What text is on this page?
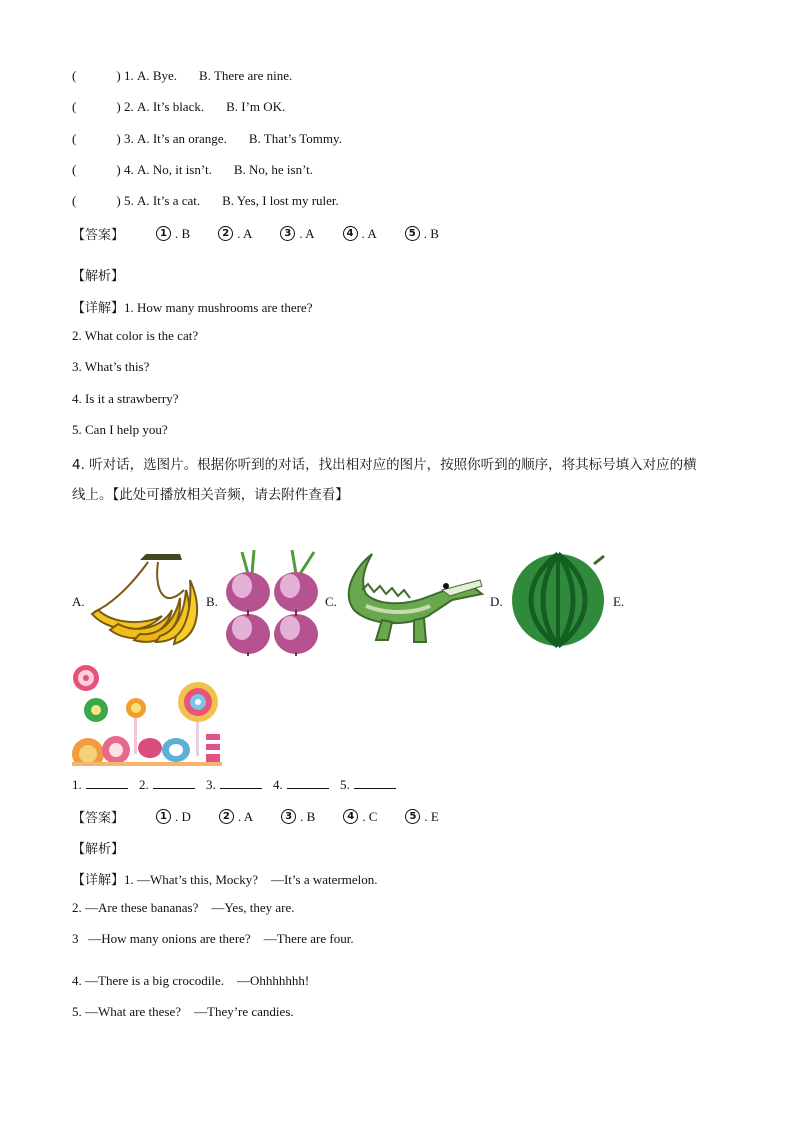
(	) 1.
A. Bye. B. There are nine.
(	) 2.
A. It’s black. B. I’m OK.
(	) 3.
A. It’s an orange. B. That’s Tommy.
(	) 4.
A. No, it isn’t. B. No, he isn’t.
(	) 5.
A. It’s a cat. B. Yes, I lost my ruler.
【答案】	1 . B	2 . A	3 . A	4 . A	5 . B
【解析】
【详解】1. How many mushrooms are there?
2. What color is the cat?
3. What’s this?
4. Is it a strawberry?
5. Can I help you?
4. 听对话，选图片。根据你听到的对话，找出相对应的图片，按照你听到的顺序，将其标号填入对应的横
线上。【此处可播放相关音频，请去附件查看】
A.	B.	C.	D.	E.
1.	2.	3.	4.	5.
【答案】	1 . D	2 . A	3 . B	4 . C	5 . E
【解析】
【详解】1. —What’s this, Mocky?    —It’s a watermelon.
2. —Are these bananas?    —Yes, they are.
3   —How many onions are there?    —There are four.
4. —There is a big crocodile.    —Ohhhhhhh!
5. —What are these?    —They’re candies.
